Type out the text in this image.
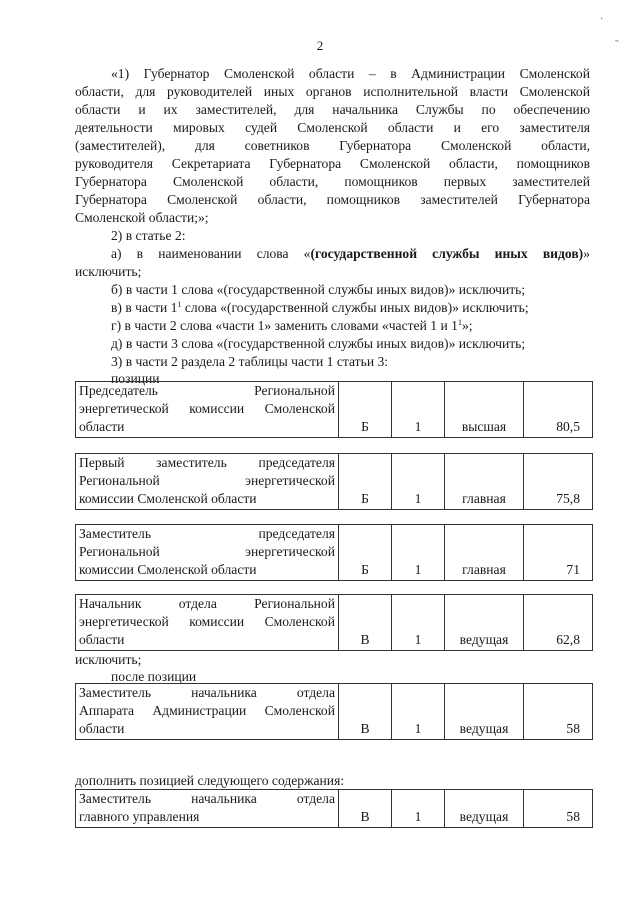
2
·
«1) Губернатор Смоленской области – в Администрации Смоленской
области, для руководителей иных органов исполнительной власти Смоленской
области и их заместителей, для начальника Службы по обеспечению
деятельности мировых судей Смоленской области и его заместителя
(заместителей), для советников Губернатора Смоленской области,
руководителя Секретариата Губернатора Смоленской области, помощников
Губернатора Смоленской области, помощников первых заместителей
Губернатора Смоленской области, помощников заместителей Губернатора
Смоленской области;»;
2) в статье 2:
а) в наименовании слова «(государственной службы иных видов)»
исключить;
б) в части 1 слова «(государственной службы иных видов)» исключить;
в) в части $1^1$ слова «(государственной службы иных видов)» исключить;
г) в части 2 слова «части 1» заменить словами «частей 1 и $1^1$»;
д) в части 3 слова «(государственной службы иных видов)» исключить;
3) в части 2 раздела 2 таблицы части 1 статьи 3:
позиции
Председатель Региональной
энергетической комиссии Смоленской
области	Б	1	высшая	80,5
Первый заместитель председателя
Региональной энергетической
комиссии Смоленской области	Б	1	главная	75,8
Заместитель председателя
Региональной энергетической
комиссии Смоленской области	Б	1	главная	71
Начальник отдела Региональной
энергетической комиссии Смоленской
области	В	1	ведущая	62,8
исключить;
после позиции
Заместитель начальника отдела
Аппарата Администрации Смоленской
области	В	1	ведущая	58
дополнить позицией следующего содержания:
Заместитель начальника отдела
главного управления	В	1	ведущая	58
